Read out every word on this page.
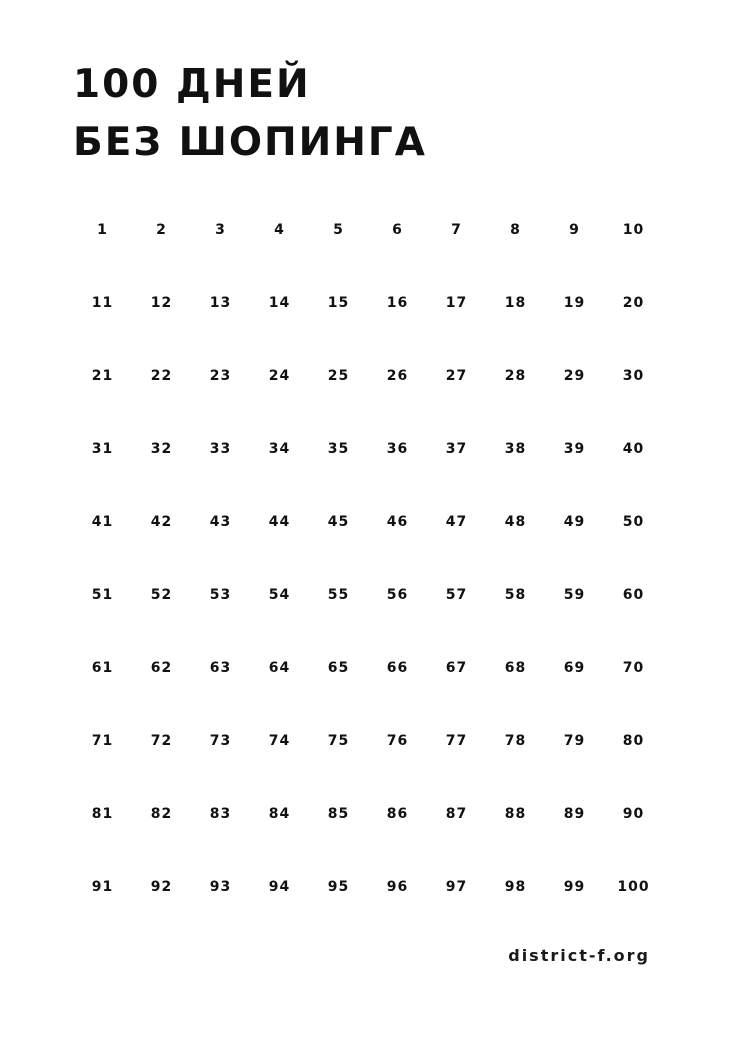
100 ДНЕЙ
БЕЗ ШОПИНГА
1	2	3	4	5	6	7	8	9	10
11	12	13	14	15	16	17	18	19	20
21	22	23	24	25	26	27	28	29	30
31	32	33	34	35	36	37	38	39	40
41	42	43	44	45	46	47	48	49	50
51	52	53	54	55	56	57	58	59	60
61	62	63	64	65	66	67	68	69	70
71	72	73	74	75	76	77	78	79	80
81	82	83	84	85	86	87	88	89	90
91	92	93	94	95	96	97	98	99	100
district-f.org
